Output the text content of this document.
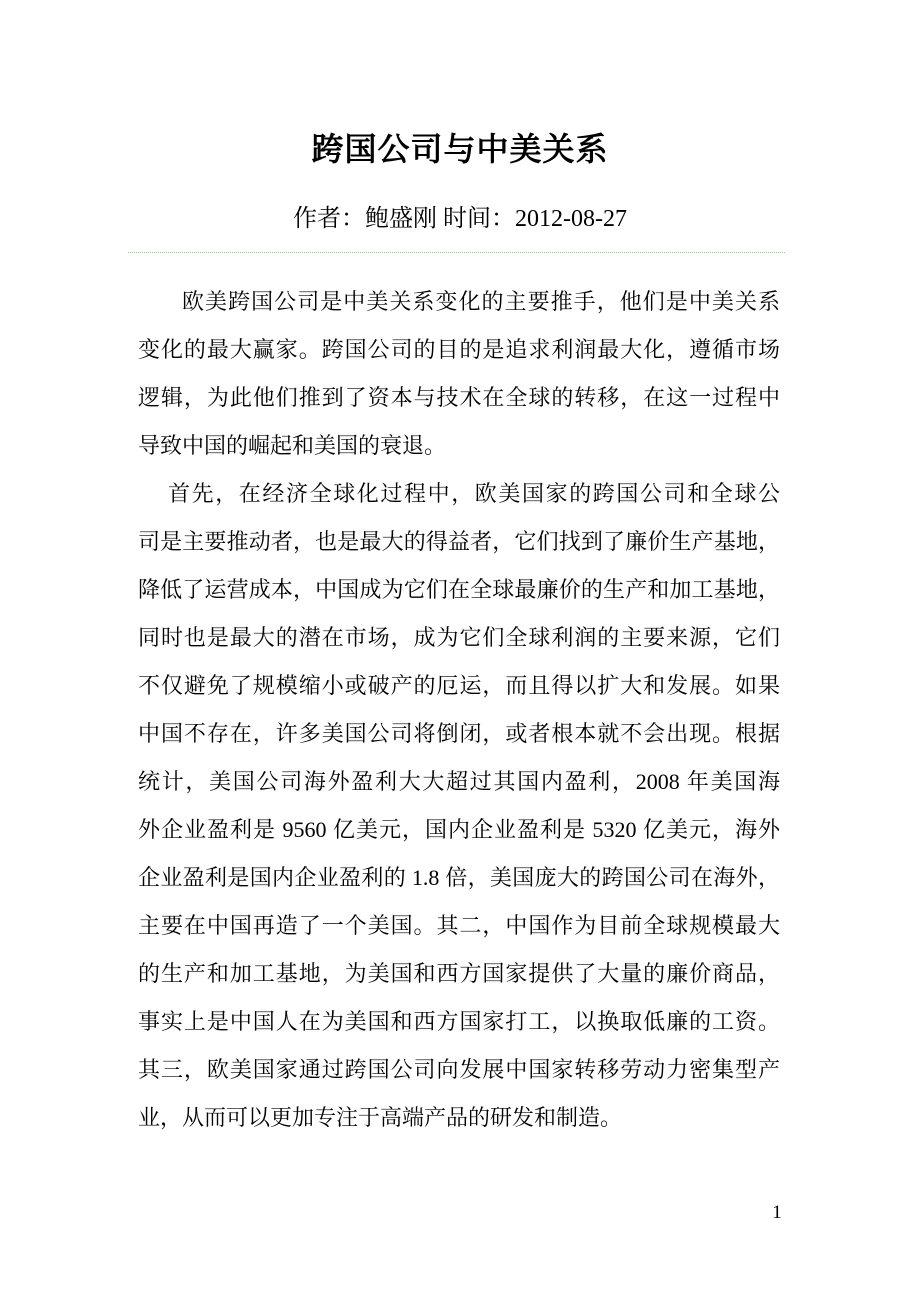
跨国公司与中美关系
作者：鲍盛刚 时间：2012-08-27
欧美跨国公司是中美关系变化的主要推手，他们是中美关系
变化的最大赢家。跨国公司的目的是追求利润最大化，遵循市场
逻辑，为此他们推到了资本与技术在全球的转移，在这一过程中
导致中国的崛起和美国的衰退。
首先，在经济全球化过程中，欧美国家的跨国公司和全球公
司是主要推动者，也是最大的得益者，它们找到了廉价生产基地，
降低了运营成本，中国成为它们在全球最廉价的生产和加工基地，
同时也是最大的潜在市场，成为它们全球利润的主要来源，它们
不仅避免了规模缩小或破产的厄运，而且得以扩大和发展。如果
中国不存在，许多美国公司将倒闭，或者根本就不会出现。根据
统计，美国公司海外盈利大大超过其国内盈利，2008 年美国海
外企业盈利是 9560 亿美元，国内企业盈利是 5320 亿美元，海外
企业盈利是国内企业盈利的 1.8 倍，美国庞大的跨国公司在海外，
主要在中国再造了一个美国。其二，中国作为目前全球规模最大
的生产和加工基地，为美国和西方国家提供了大量的廉价商品，
事实上是中国人在为美国和西方国家打工，以换取低廉的工资。
其三，欧美国家通过跨国公司向发展中国家转移劳动力密集型产
业，从而可以更加专注于高端产品的研发和制造。
1
